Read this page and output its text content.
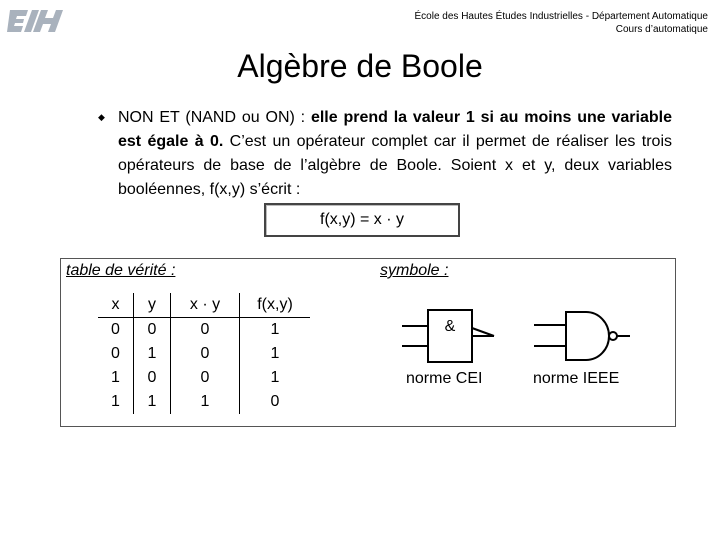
École des Hautes Études Industrielles - Département Automatique
Cours d’automatique
Algèbre de Boole
◆ NON ET (NAND ou ON) : elle prend la valeur 1 si au moins une variable est égale à 0. C’est un opérateur complet car il permet de réaliser les trois opérateurs de base de l’algèbre de Boole. Soient x et y, deux variables booléennes, f(x,y) s’écrit :
f(x,y) = x · y
table de vérité :	symbole :
x	y	x · y	f(x,y)
0	0	0	1
0	1	0	1
1	0	0	1
1	1	1	0
&
norme CEI	norme IEEE
